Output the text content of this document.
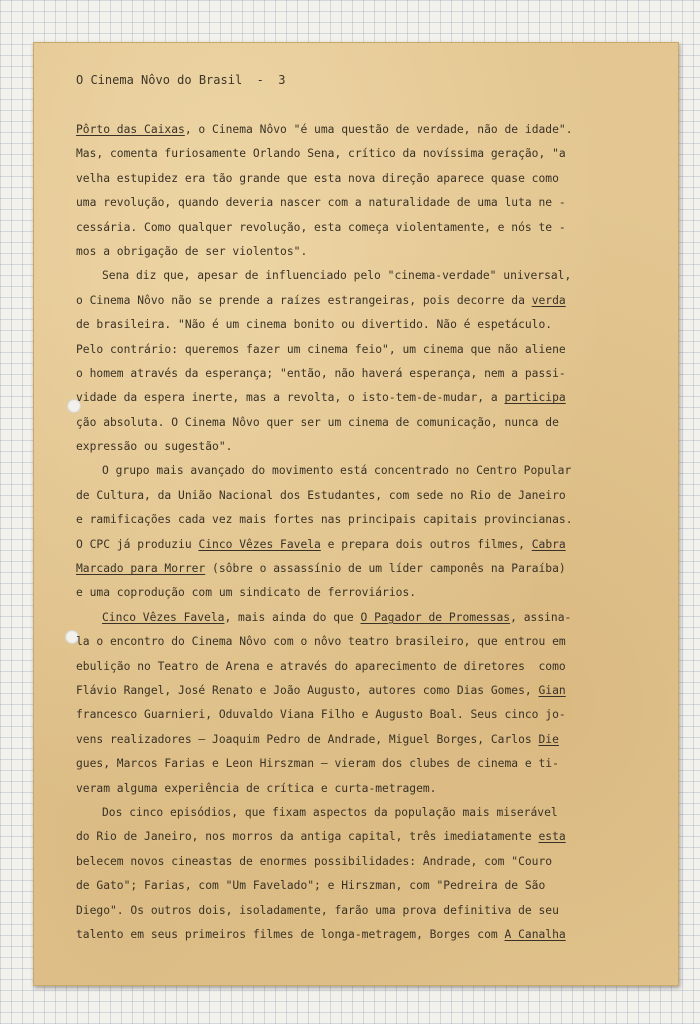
O Cinema Nôvo do Brasil  -  3
Pôrto das Caixas, o Cinema Nôvo "é uma questão de verdade, não de idade".
Mas, comenta furiosamente Orlando Sena, crítico da novíssima geração, "a
velha estupidez era tão grande que esta nova direção aparece quase como
uma revolução, quando deveria nascer com a naturalidade de uma luta ne -
cessária. Como qualquer revolução, esta começa violentamente, e nós te -
mos a obrigação de ser violentos".
Sena diz que, apesar de influenciado pelo "cinema-verdade" universal,
o Cinema Nôvo não se prende a raízes estrangeiras, pois decorre da verda
de brasileira. "Não é um cinema bonito ou divertido. Não é espetáculo.
Pelo contrário: queremos fazer um cinema feio", um cinema que não aliene
o homem através da esperança; "então, não haverá esperança, nem a passi-
vidade da espera inerte, mas a revolta, o isto-tem-de-mudar, a participa
ção absoluta. O Cinema Nôvo quer ser um cinema de comunicação, nunca de
expressão ou sugestão".
O grupo mais avançado do movimento está concentrado no Centro Popular
de Cultura, da União Nacional dos Estudantes, com sede no Rio de Janeiro
e ramificações cada vez mais fortes nas principais capitais provincianas.
O CPC já produziu Cinco Vêzes Favela e prepara dois outros filmes, Cabra
Marcado para Morrer (sôbre o assassínio de um líder camponês na Paraíba)
e uma coprodução com um sindicato de ferroviários.
Cinco Vêzes Favela, mais ainda do que O Pagador de Promessas, assina-
la o encontro do Cinema Nôvo com o nôvo teatro brasileiro, que entrou em
ebulição no Teatro de Arena e através do aparecimento de diretores  como
Flávio Rangel, José Renato e João Augusto, autores como Dias Gomes, Gian
francesco Guarnieri, Oduvaldo Viana Filho e Augusto Boal. Seus cinco jo-
vens realizadores — Joaquim Pedro de Andrade, Miguel Borges, Carlos Die
gues, Marcos Farias e Leon Hirszman — vieram dos clubes de cinema e ti-
veram alguma experiência de crítica e curta-metragem.
Dos cinco episódios, que fixam aspectos da população mais miserável
do Rio de Janeiro, nos morros da antiga capital, três imediatamente esta
belecem novos cineastas de enormes possibilidades: Andrade, com "Couro
de Gato"; Farias, com "Um Favelado"; e Hirszman, com "Pedreira de São
Diego". Os outros dois, isoladamente, farão uma prova definitiva de seu
talento em seus primeiros filmes de longa-metragem, Borges com A Canalha
